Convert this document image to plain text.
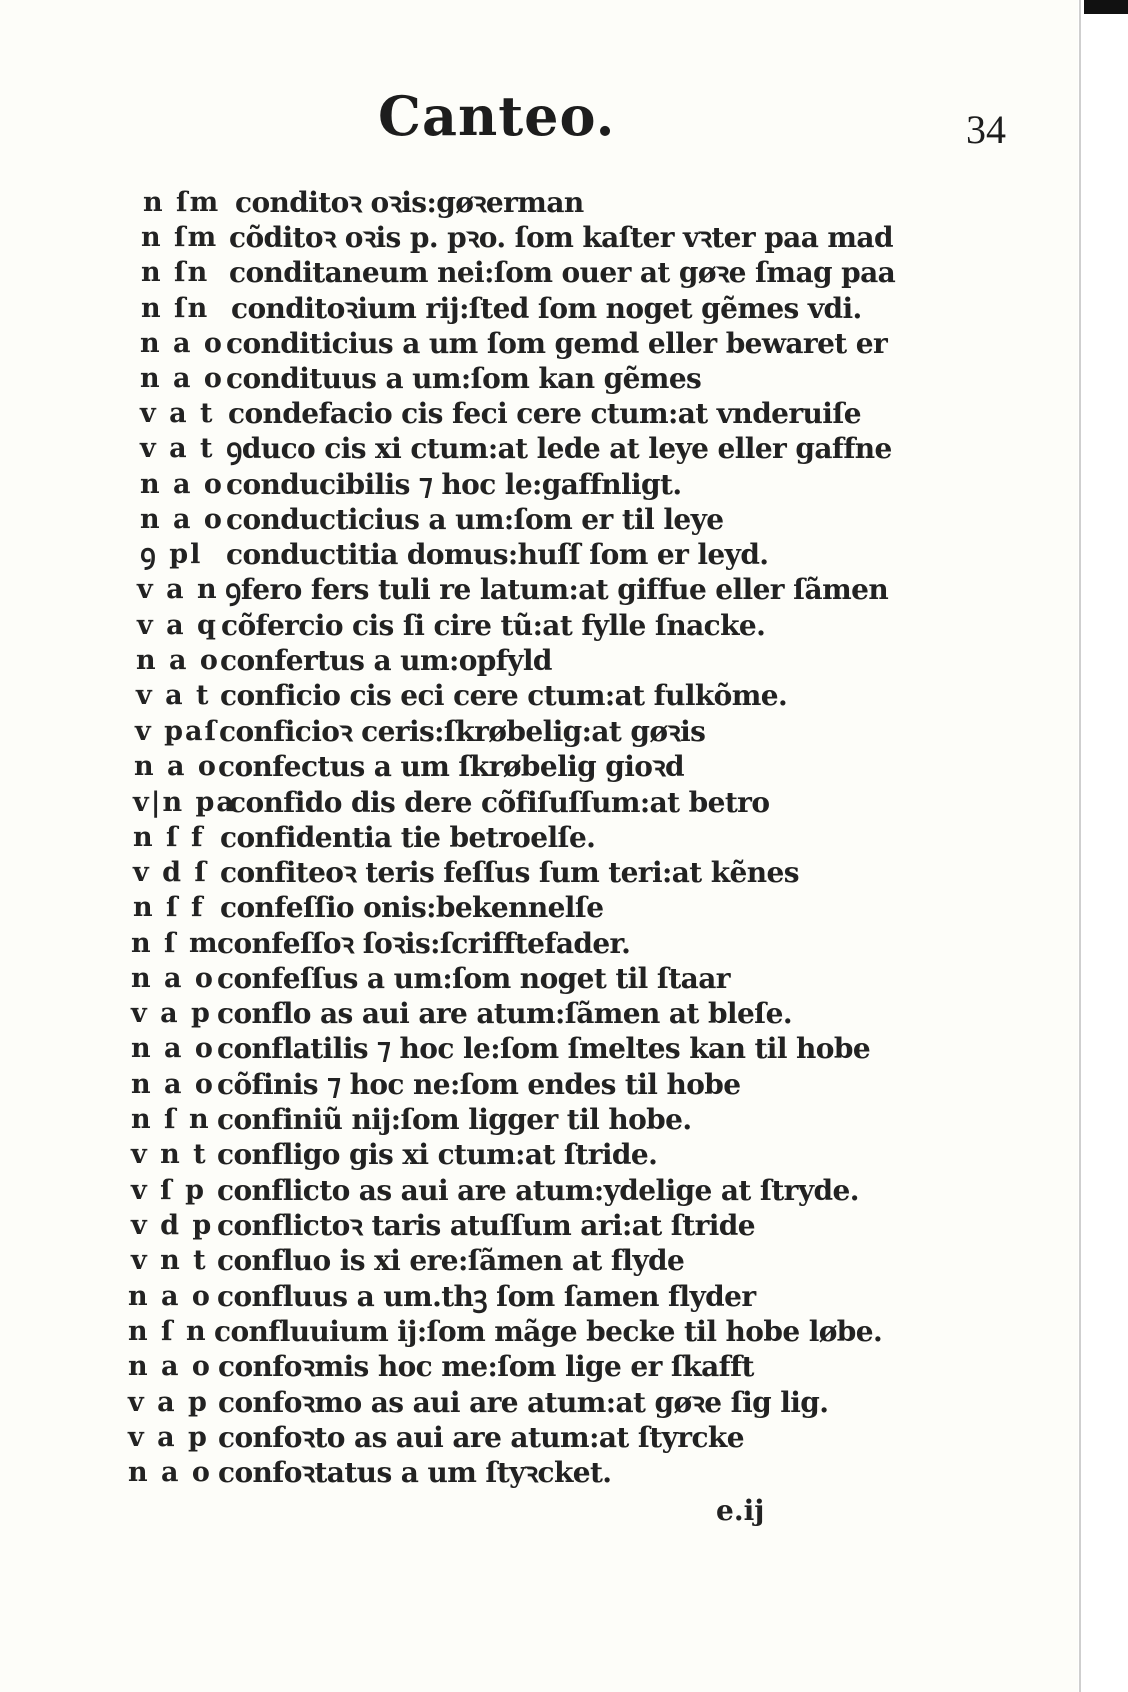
Canteo.	34
n ſm conditoꝛ oꝛis:gøꝛerman
n ſm cõditoꝛ oꝛis p. pꝛo. ſom kaſter vꝛter paa mad
n ſn conditaneum nei:ſom ouer at gøꝛe ſmag paa
n ſn conditoꝛium rij:ſted ſom noget gẽmes vdi.
n a o conditicius a um ſom gemd eller bewaret er
n a o condituus a um:ſom kan gẽmes
v a t condefacio cis feci cere ctum:at vnderuiſe
v a t ꝯduco cis xi ctum:at lede at leye eller gaffne
n a o conducibilis ⁊ hoc le:gaffnligt.
n a o conducticius a um:ſom er til leye
ꝯ pl conductitia domus:huſſ ſom er leyd.
v a n ꝯfero fers tuli re latum:at giffue eller ſãmen
v a q cõfercio cis ſi cire tũ:at fylle ſnacke.
n a o confertus a um:opfyld
v a t conficio cis eci cere ctum:at fulkõme.
v paſ conficioꝛ ceris:ſkrøbelig:at gøꝛis
n a o confectus a um ſkrøbelig gioꝛd
v|n pa
confido dis dere cõfiſuſſum:at betro
n ſ f confidentia tie betroelſe.
v d ſ confiteoꝛ teris feſſus ſum teri:at kẽnes
n ſ f confeſſio onis:bekennelſe
n ſ m
confeſſoꝛ ſoꝛis:ſcrifftefader.
n a o confeſſus a um:ſom noget til ſtaar
v a p conflo as aui are atum:ſãmen at bleſe.
n a o conflatilis ⁊ hoc le:ſom ſmeltes kan til hobe
n a o cõfinis ⁊ hoc ne:ſom endes til hobe
n ſ n confiniũ nij:ſom ligger til hobe.
v n t confligo gis xi ctum:at ſtride.
v ſ p conflicto as aui are atum:ydelige at ſtryde.
v d p conflictoꝛ taris atuſſum ari:at ſtride
v n t confluo is xi ere:ſãmen at flyde
n a o confluus a um.thꝫ ſom ſamen flyder
n ſ n confluuium ij:ſom mãge becke til hobe løbe.
n a o confoꝛmis hoc me:ſom lige er ſkafft
v a p confoꝛmo as aui are atum:at gøꝛe ſig lig.
v a p confoꝛto as aui are atum:at ſtyrcke
n a o confoꝛtatus a um ſtyꝛcket.
e.ij
